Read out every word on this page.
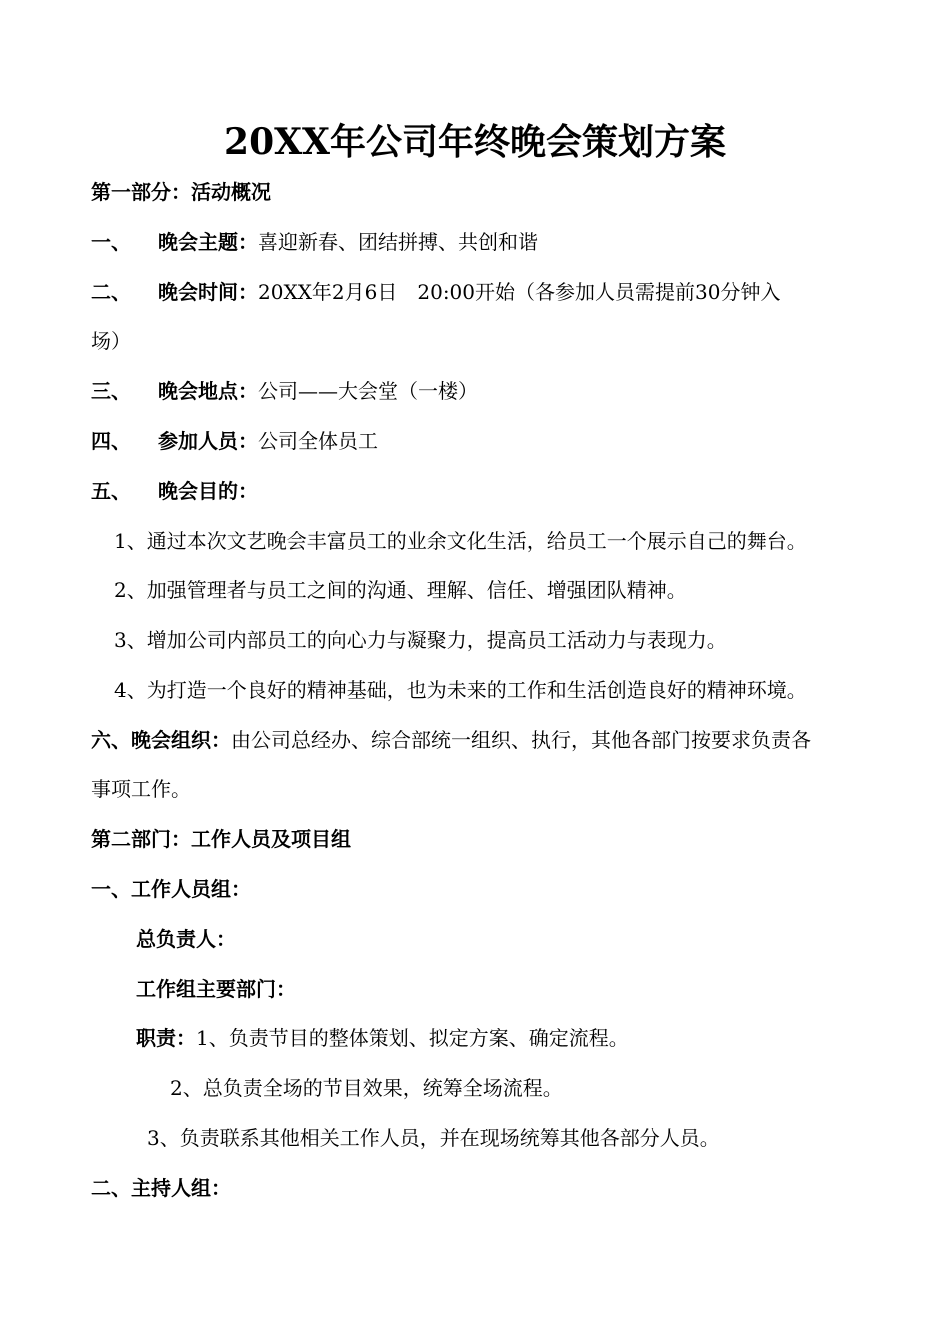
20XX年公司年终晚会策划方案
第一部分：活动概况
一、 晚会主题：喜迎新春、团结拼搏、共创和谐
二、 晚会时间：20XX年2月6日　20:00开始（各参加人员需提前30分钟入
场）
三、 晚会地点：公司——大会堂（一楼）
四、 参加人员：公司全体员工
五、 晚会目的：
1、通过本次文艺晚会丰富员工的业余文化生活，给员工一个展示自己的舞台。
2、加强管理者与员工之间的沟通、理解、信任、增强团队精神。
3、增加公司内部员工的向心力与凝聚力，提高员工活动力与表现力。
4、为打造一个良好的精神基础，也为未来的工作和生活创造良好的精神环境。
六、晚会组织：由公司总经办、综合部统一组织、执行，其他各部门按要求负责各
事项工作。
第二部门：工作人员及项目组
一、工作人员组：
总负责人：
工作组主要部门：
职责：1、负责节目的整体策划、拟定方案、确定流程。
2、总负责全场的节目效果，统筹全场流程。
3、负责联系其他相关工作人员，并在现场统筹其他各部分人员。
二、主持人组：
